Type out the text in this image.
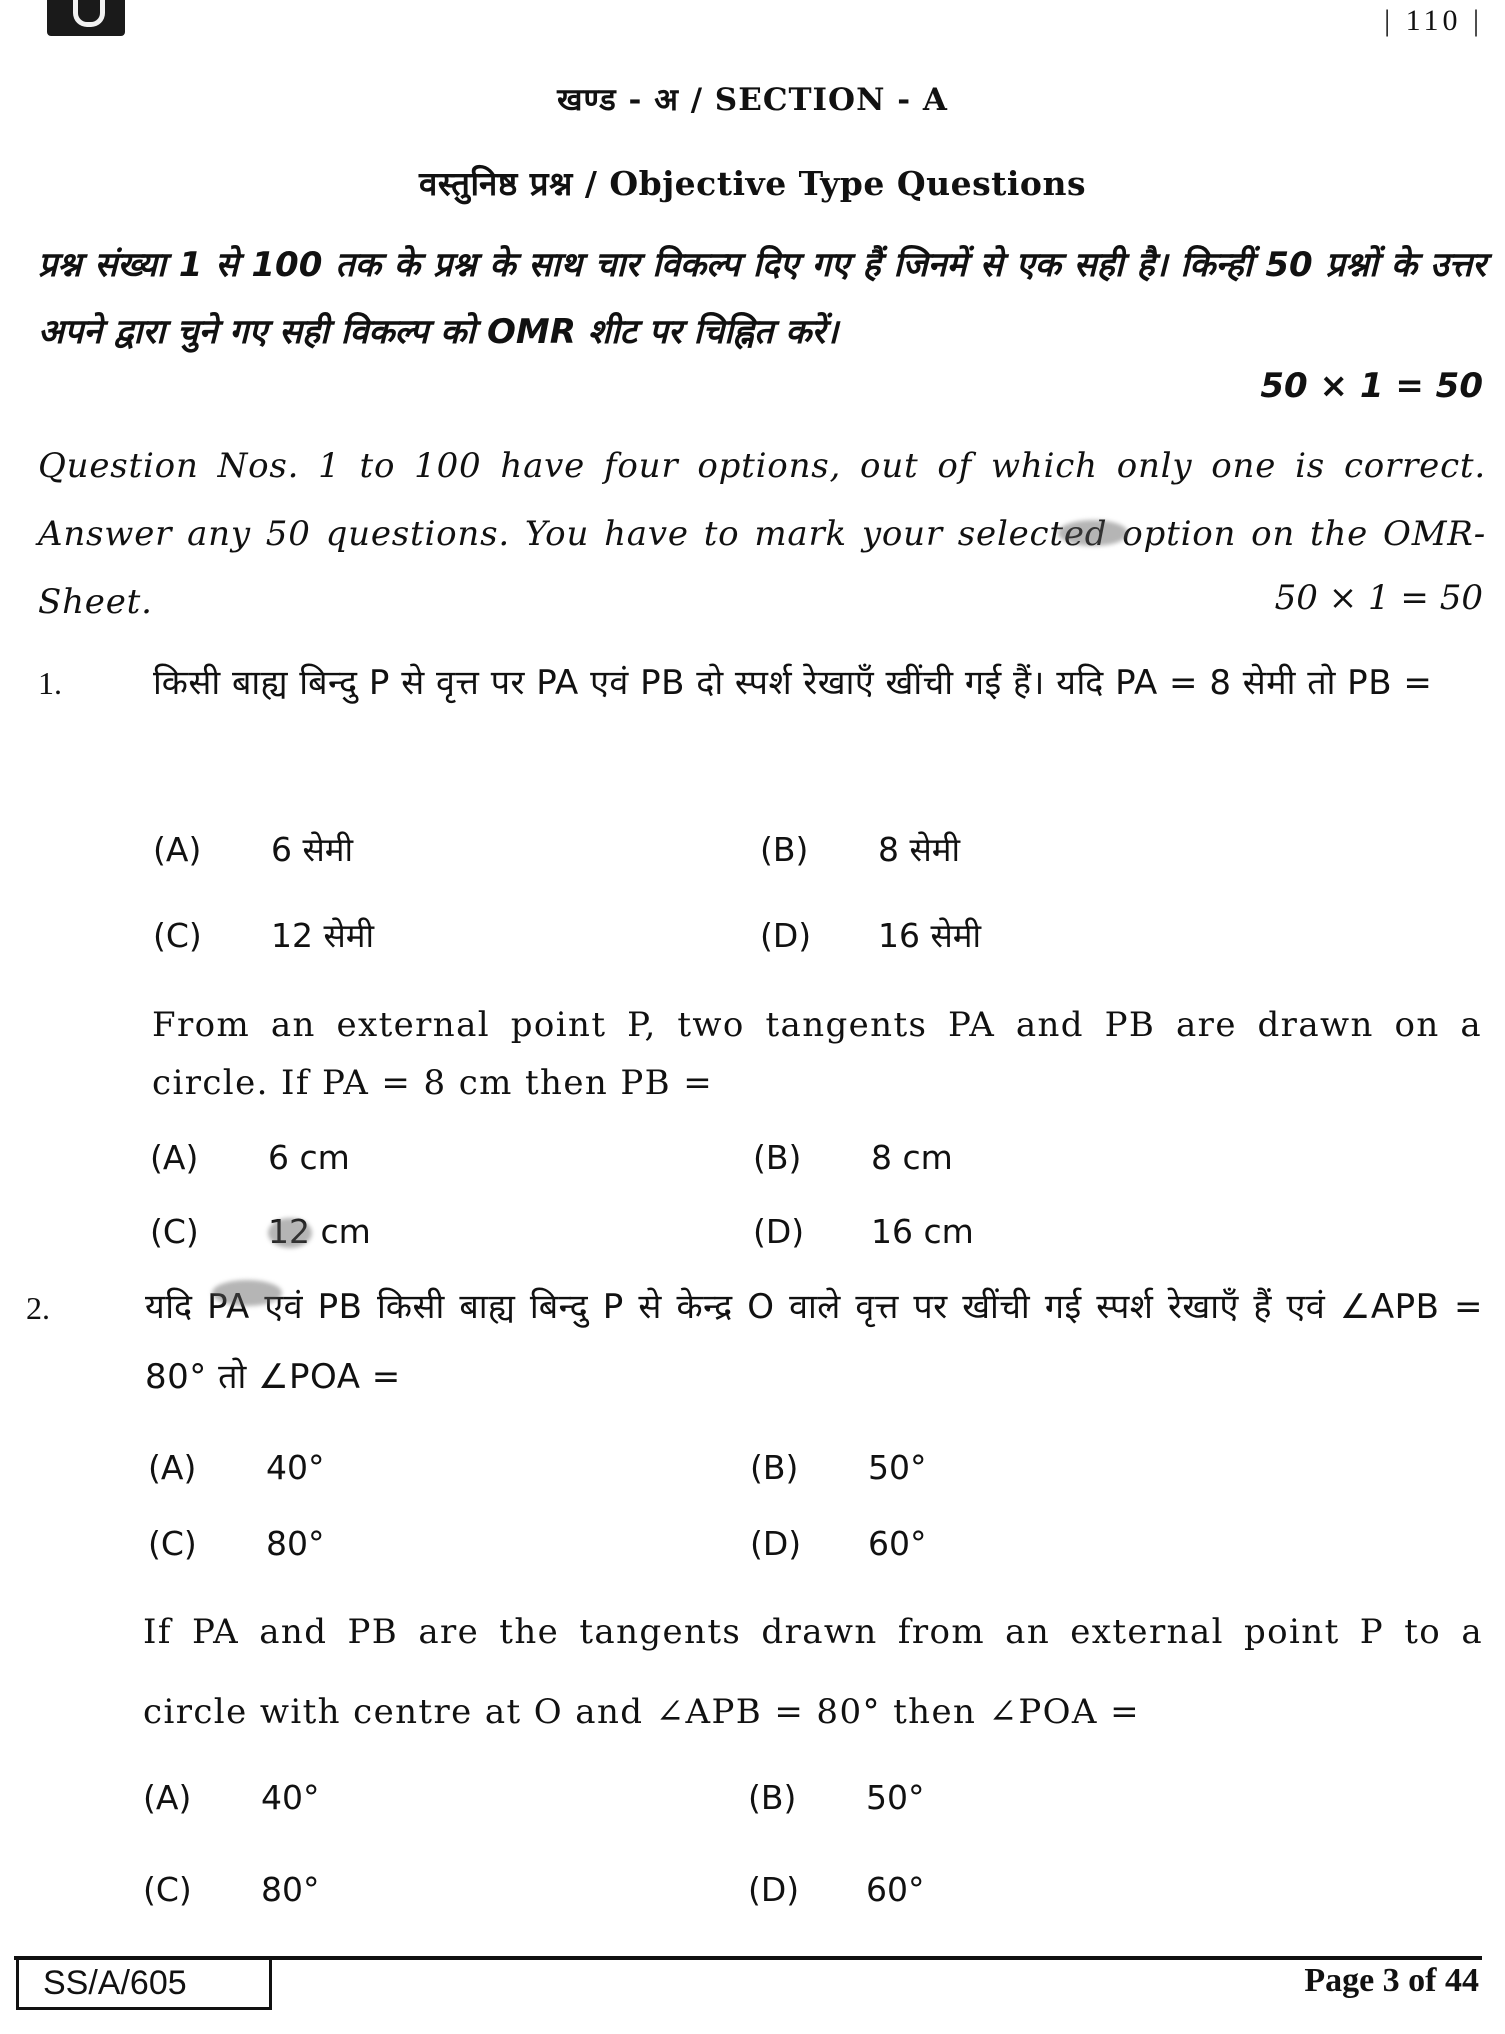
| 110 |
खण्ड - अ / SECTION - A
वस्तुनिष्ठ प्रश्न / Objective Type Questions
प्रश्न संख्या 1 से 100 तक के प्रश्न के साथ चार विकल्प दिए गए हैं जिनमें से एक सही है। किन्हीं 50 प्रश्नों के उत्तर अपने द्वारा चुने गए सही विकल्प को OMR शीट पर चिह्नित करें।
50 × 1 = 50
Question Nos. 1 to 100 have four options, out of which only one is correct. Answer any 50 questions. You have to mark your selected option on the OMR-Sheet.	50 × 1 = 50
1.	किसी बाह्य बिन्दु P से वृत्त पर PA एवं PB दो स्पर्श रेखाएँ खींची गई हैं। यदि PA = 8 सेमी तो PB =
(A) 6 सेमी	(B) 8 सेमी
(C) 12 सेमी	(D) 16 सेमी
From an external point P, two tangents PA and PB are drawn on a circle. If PA = 8 cm then PB =
(A) 6 cm	(B) 8 cm
(C) 12 cm	(D) 16 cm
2.	यदि PA एवं PB किसी बाह्य बिन्दु P से केन्द्र O वाले वृत्त पर खींची गई स्पर्श रेखाएँ हैं एवं ∠APB = 80° तो ∠POA =
(A) 40°	(B) 50°
(C) 80°	(D) 60°
If PA and PB are the tangents drawn from an external point P to a circle with centre at O and ∠APB = 80° then ∠POA =
(A) 40°	(B) 50°
(C) 80°	(D) 60°
SS/A/605	Page 3 of 44
